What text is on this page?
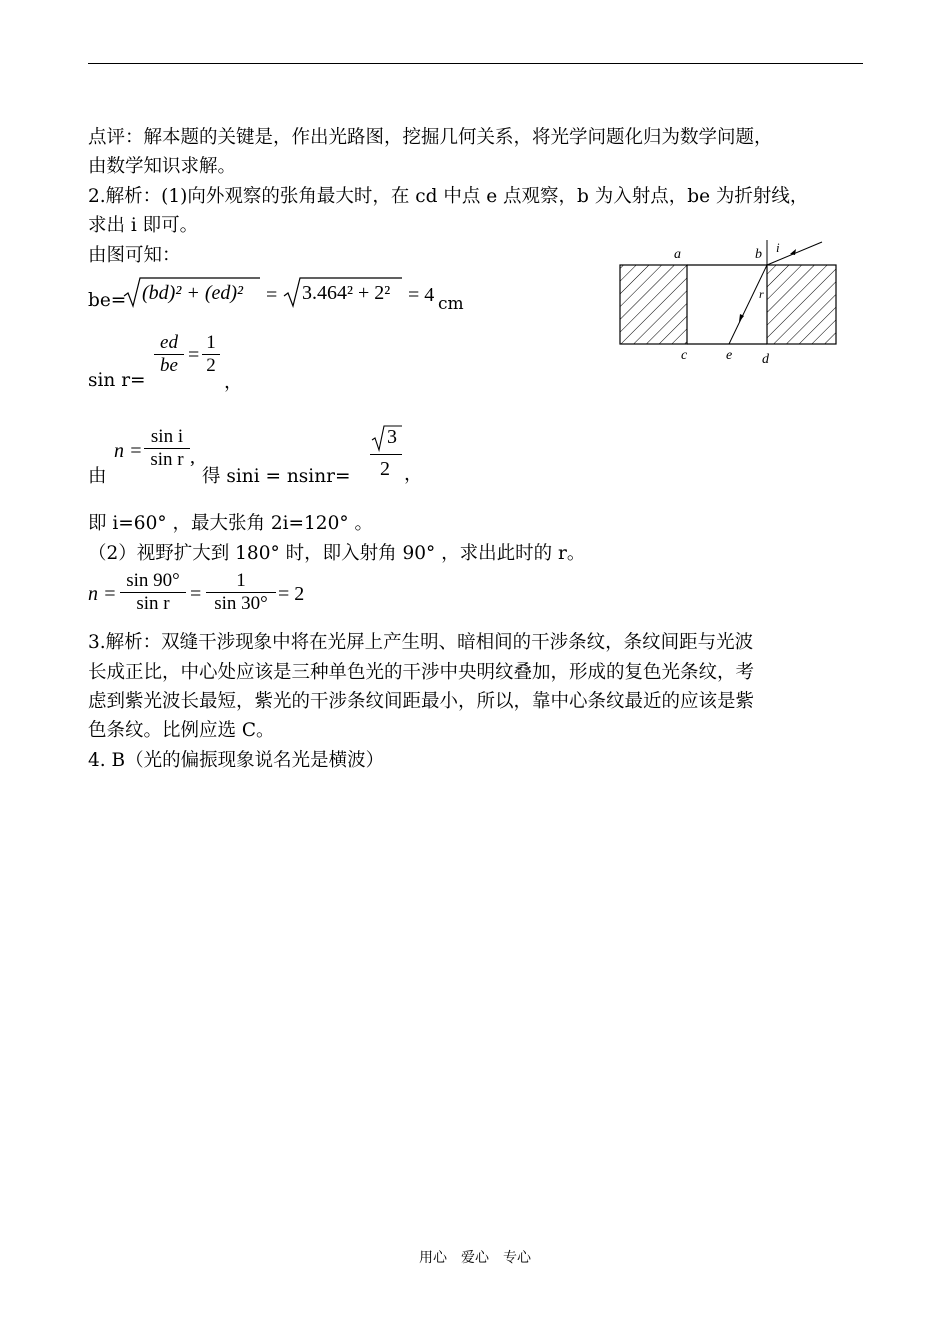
点评：解本题的关键是，作出光路图，挖掘几何关系，将光学问题化归为数学问题，
由数学知识求解。
2.解析：(1)向外观察的张角最大时，在 cd 中点 e 点观察，b 为入射点，be 为折射线，
求出 i 即可。
由图可知：
be= (bd)² + (ed)² = 3.464² + 2² = 4 cm
sin r=
ed
be =
1
2
，
由
n =
sin i
sin r ,
得 sini = nsinr=
3
2 ，
即 i=60° ，最大张角 2i=120° 。
（2）视野扩大到 180° 时，即入射角 90° ，求出此时的 r。
n =
sin 90°
sin r	=
1
sin 30° = 2
3.解析：双缝干涉现象中将在光屏上产生明、暗相间的干涉条纹，条纹间距与光波
长成正比，中心处应该是三种单色光的干涉中央明纹叠加，形成的复色光条纹，考
虑到紫光波长最短，紫光的干涉条纹间距最小，所以，靠中心条纹最近的应该是紫
色条纹。比例应选 C。
4. B（光的偏振现象说名光是横波）
a	b i
r
c	e d
用心　爱心　专心
